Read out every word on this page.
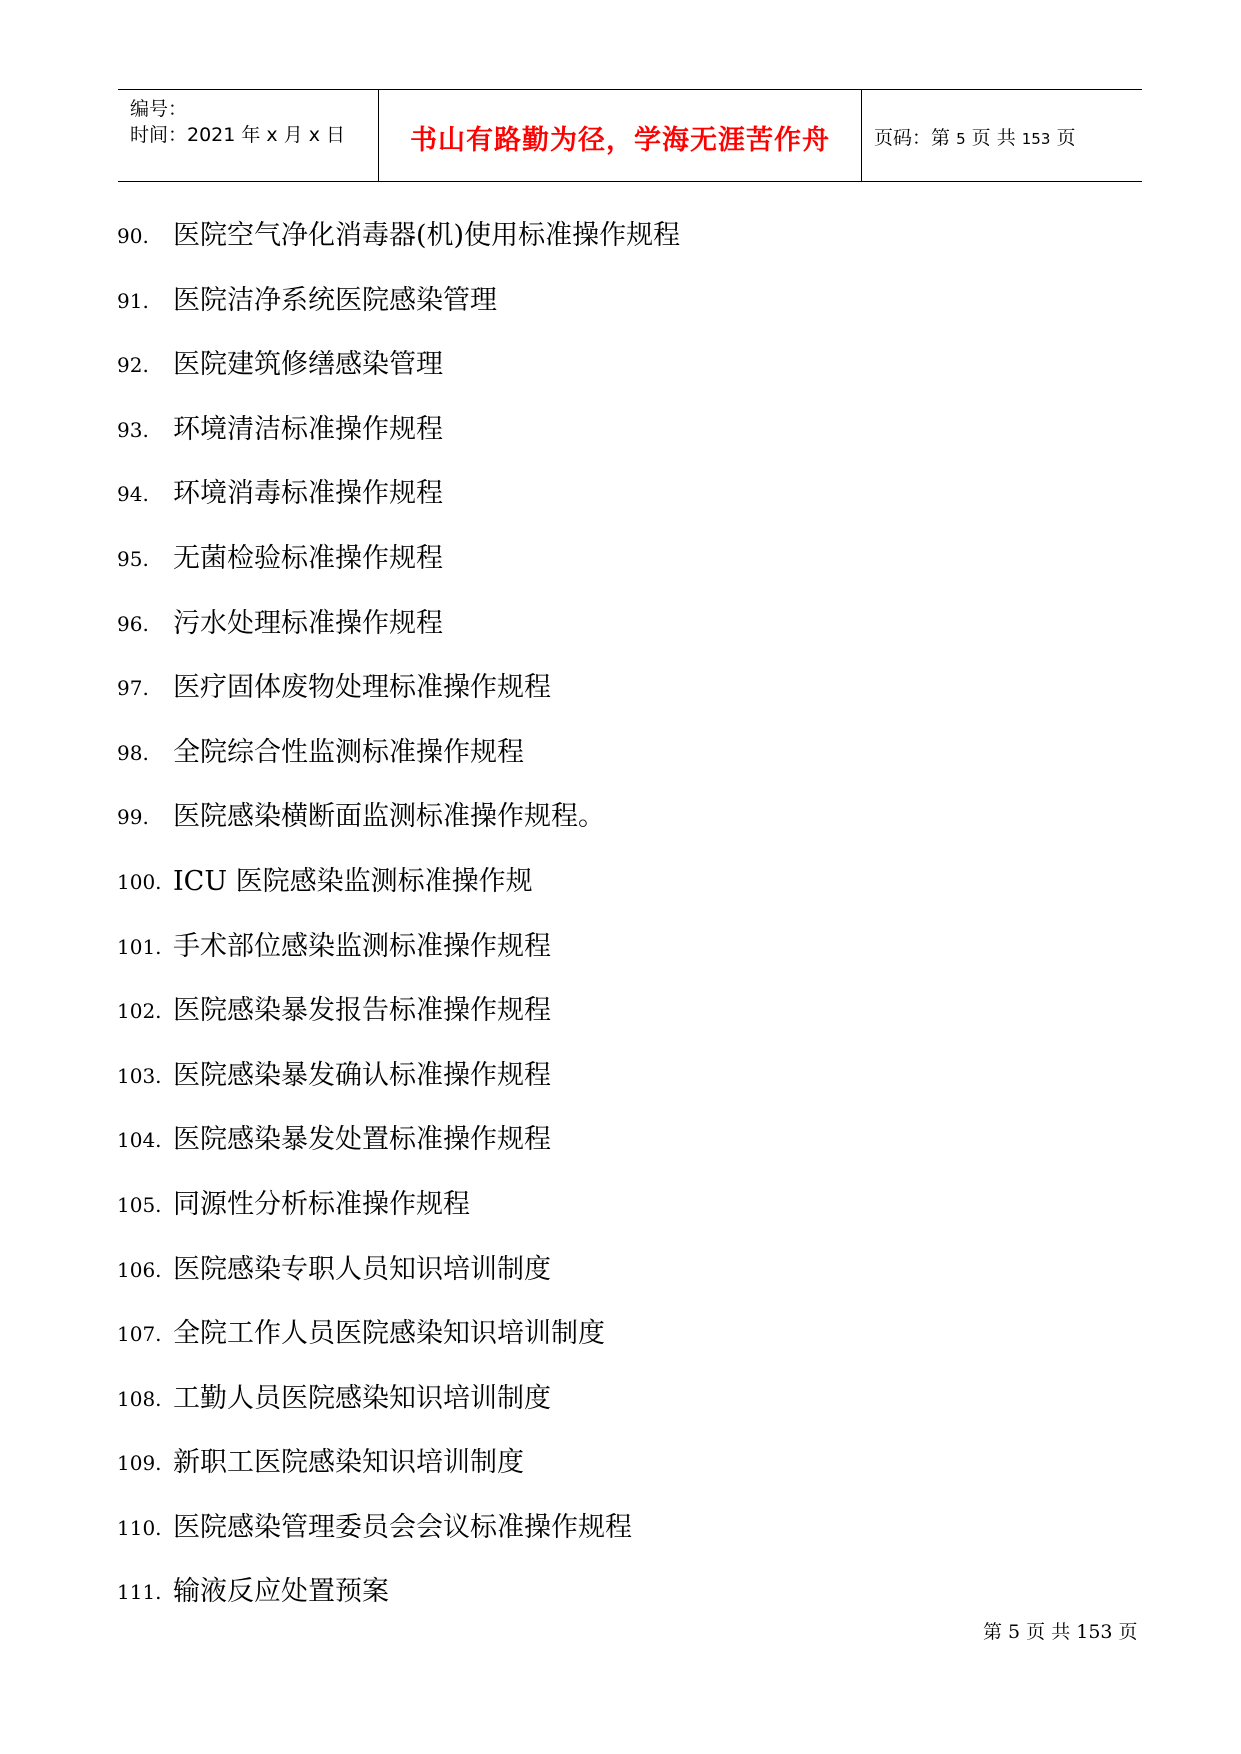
编号：
时间：2021 年 x 月 x 日	书山有路勤为径，学海无涯苦作舟	页码：第 5 页 共 153 页
90. 医院空气净化消毒器(机)使用标准操作规程
91. 医院洁净系统医院感染管理
92. 医院建筑修缮感染管理
93. 环境清洁标准操作规程
94. 环境消毒标准操作规程
95. 无菌检验标准操作规程
96. 污水处理标准操作规程
97. 医疗固体废物处理标准操作规程
98. 全院综合性监测标准操作规程
99. 医院感染横断面监测标准操作规程。
100. ICU 医院感染监测标准操作规
101. 手术部位感染监测标准操作规程
102. 医院感染暴发报告标准操作规程
103. 医院感染暴发确认标准操作规程
104. 医院感染暴发处置标准操作规程
105. 同源性分析标准操作规程
106. 医院感染专职人员知识培训制度
107. 全院工作人员医院感染知识培训制度
108. 工勤人员医院感染知识培训制度
109. 新职工医院感染知识培训制度
110. 医院感染管理委员会会议标准操作规程
111. 输液反应处置预案
第 5 页 共 153 页
